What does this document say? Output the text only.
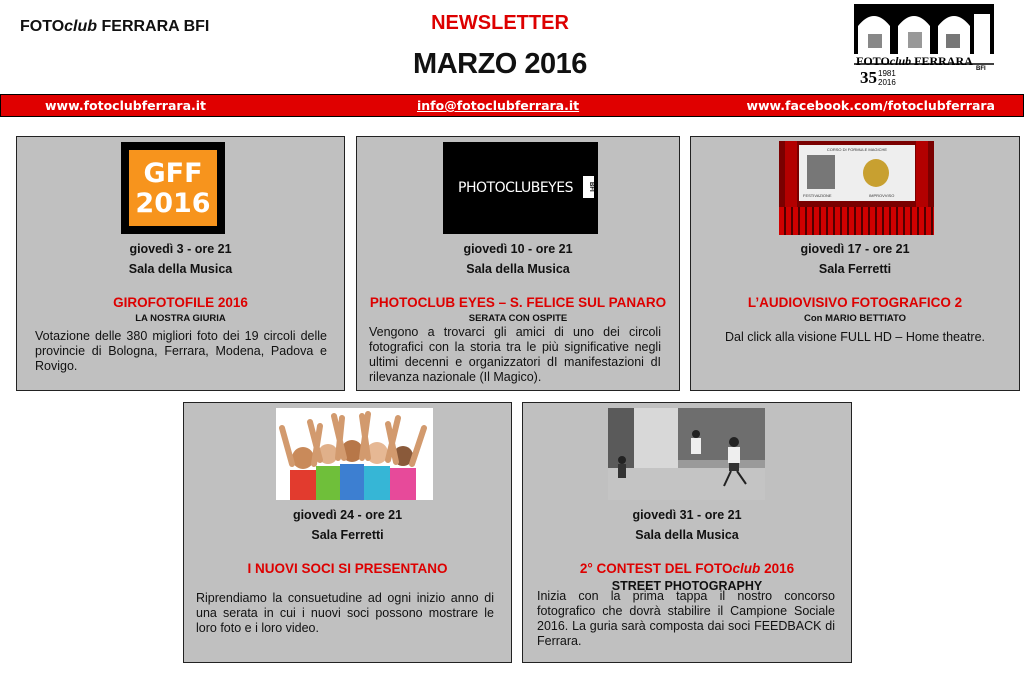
FOTOclub FERRARA BFI	NEWSLETTER
MARZO 2016	FOTOclub FERRARA
BFI
35 1981
2016
www.fotoclubferrara.it	info@fotoclubferrara.it	www.facebook.com/fotoclubferrara
GFF
2016
giovedì 3 - ore 21
Sala della Musica
GIROFOTOFILE 2016
LA NOSTRA GIURIA
Votazione delle 380 migliori foto dei 19 circoli delle provincie di Bologna, Ferrara, Modena, Padova e Rovigo.
PHOTOCLUBEYES	BFI
giovedì 10 - ore 21
Sala della Musica
PHOTOCLUB EYES – S. FELICE SUL PANARO
SERATA CON OSPITE
Vengono a trovarci gli amici di uno dei circoli fotografici con la storia tra le più significative negli ultimi decenni e organizzatori dI manifestazioni dI rilevanza nazionale (Il Magico).
CORSO DI FORMULE MAGICHE
FESTIVAZIONE	IMPROVVISO
giovedì 17 - ore 21
Sala Ferretti
L’AUDIOVISIVO FOTOGRAFICO 2
Con MARIO BETTIATO
Dal click alla visione FULL HD – Home theatre.
giovedì 24 - ore 21
Sala Ferretti
I NUOVI SOCI SI PRESENTANO
Riprendiamo la consuetudine ad ogni inizio anno di una serata in cui i nuovi soci possono mostrare le loro foto e i loro video.
giovedì 31 - ore 21
Sala della Musica
2° CONTEST DEL FOTOclub 2016
STREET PHOTOGRAPHY
Inizia con la prima tappa il nostro concorso fotografico che dovrà stabilire il Campione Sociale 2016. La guria sarà composta dai soci FEEDBACK di Ferrara.
